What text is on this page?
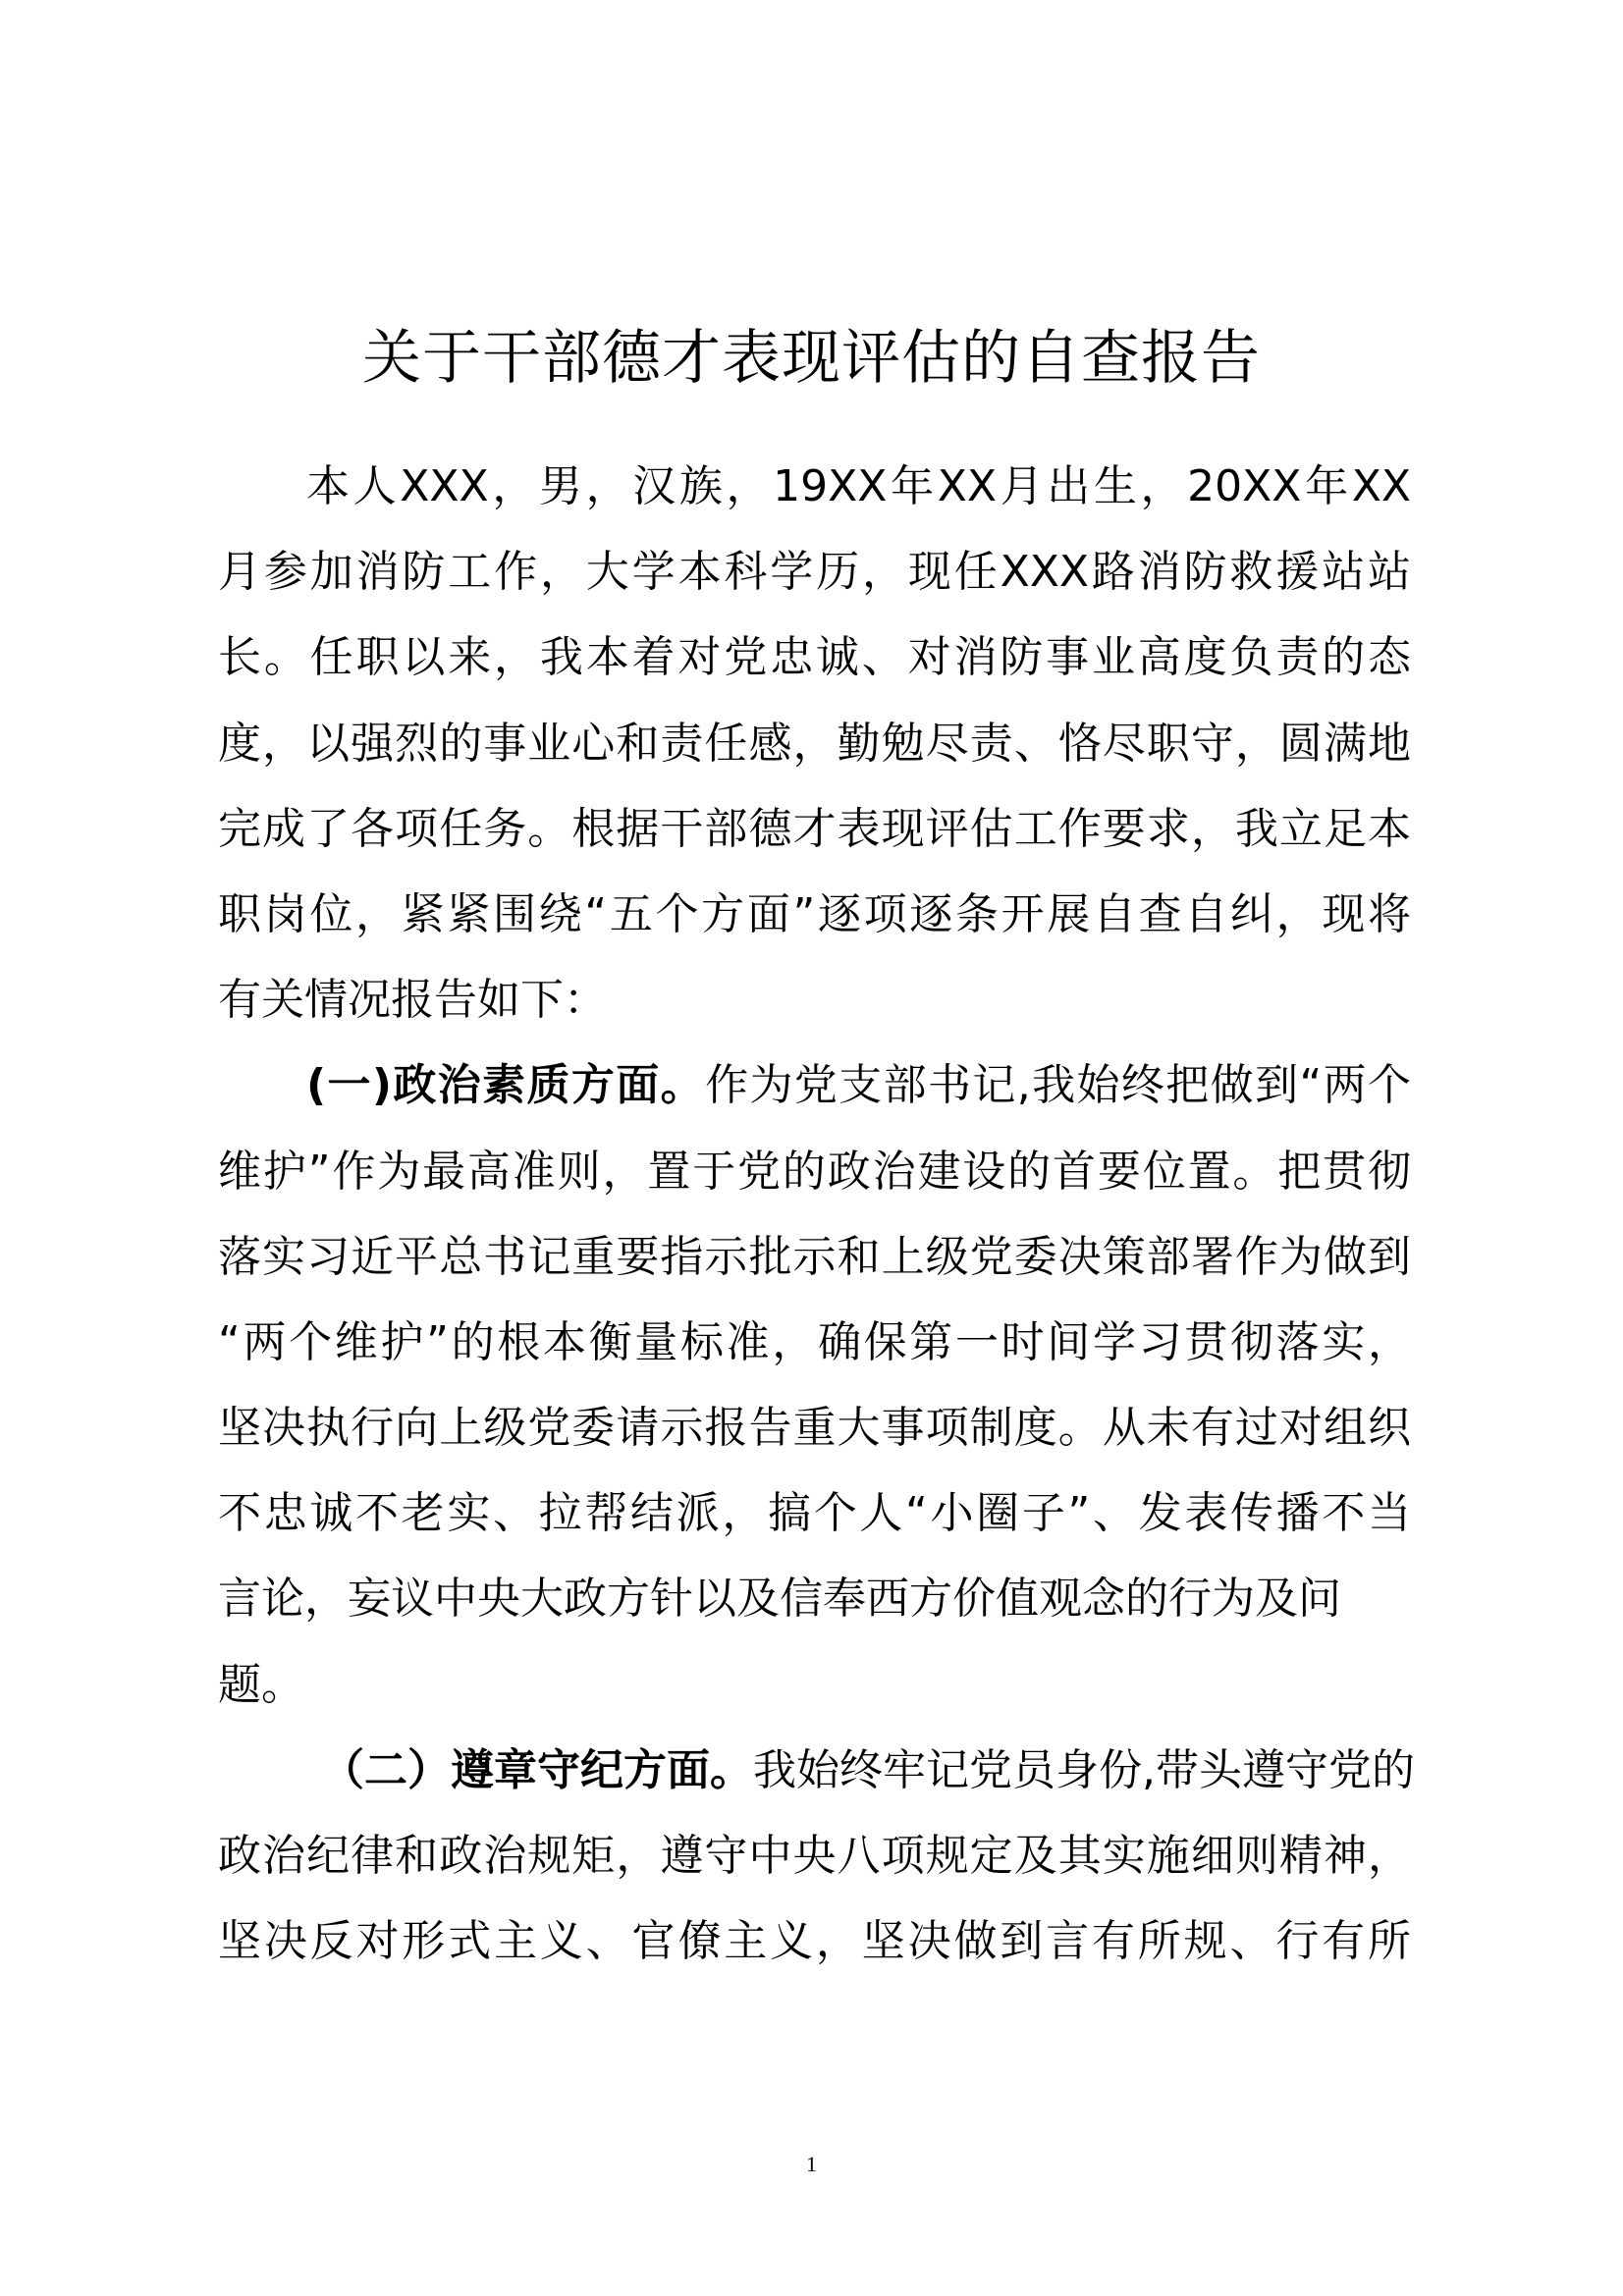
关于干部德才表现评估的自查报告
本人XXX，男，汉族，19XX年XX月出生，20XX年XX
月参加消防工作，大学本科学历，现任XXX路消防救援站站
长。任职以来，我本着对党忠诚、对消防事业高度负责的态
度，以强烈的事业心和责任感，勤勉尽责、恪尽职守，圆满地
完成了各项任务。根据干部德才表现评估工作要求，我立足本
职岗位，紧紧围绕“五个方面”逐项逐条开展自查自纠，现将
有关情况报告如下：
(一)政治素质方面。作为党支部书记,我始终把做到“两个
维护”作为最高准则，置于党的政治建设的首要位置。把贯彻
落实习近平总书记重要指示批示和上级党委决策部署作为做到
“两个维护”的根本衡量标准，确保第一时间学习贯彻落实，
坚决执行向上级党委请示报告重大事项制度。从未有过对组织
不忠诚不老实、拉帮结派，搞个人“小圈子”、发表传播不当
言论，妄议中央大政方针以及信奉西方价值观念的行为及问
题。
（二）遵章守纪方面。我始终牢记党员身份,带头遵守党的
政治纪律和政治规矩，遵守中央八项规定及其实施细则精神，
坚决反对形式主义、官僚主义，坚决做到言有所规、行有所
1
